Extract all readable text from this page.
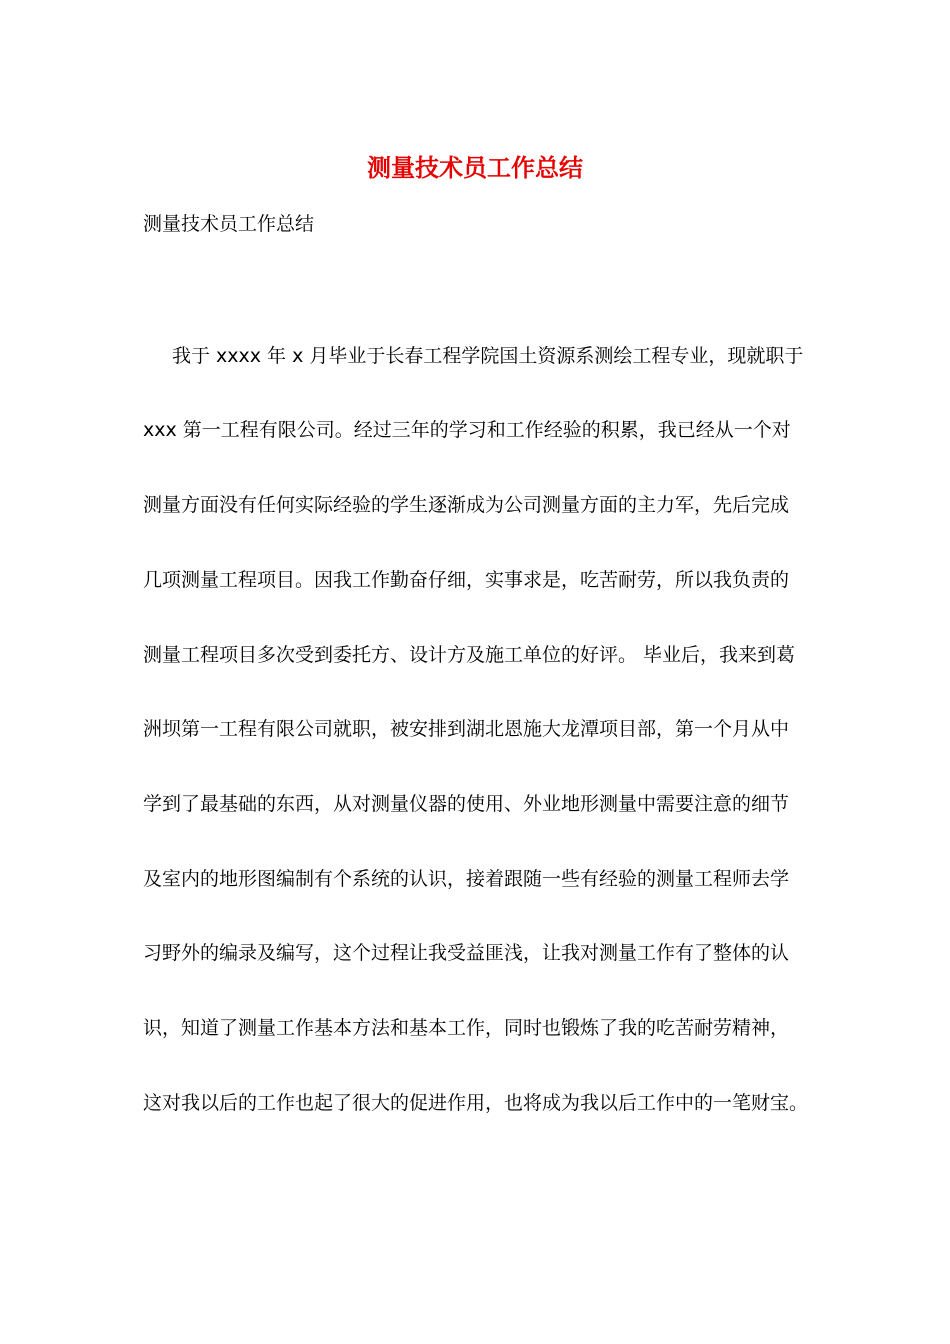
测量技术员工作总结
测量技术员工作总结
我于 xxxx 年 x 月毕业于长春工程学院国土资源系测绘工程专业，现就职于
xxx 第一工程有限公司。经过三年的学习和工作经验的积累，我已经从一个对
测量方面没有任何实际经验的学生逐渐成为公司测量方面的主力军，先后完成
几项测量工程项目。因我工作勤奋仔细，实事求是，吃苦耐劳，所以我负责的
测量工程项目多次受到委托方、设计方及施工单位的好评。 毕业后，我来到葛
洲坝第一工程有限公司就职，被安排到湖北恩施大龙潭项目部，第一个月从中
学到了最基础的东西，从对测量仪器的使用、外业地形测量中需要注意的细节
及室内的地形图编制有个系统的认识，接着跟随一些有经验的测量工程师去学
习野外的编录及编写，这个过程让我受益匪浅，让我对测量工作有了整体的认
识，知道了测量工作基本方法和基本工作，同时也锻炼了我的吃苦耐劳精神，
这对我以后的工作也起了很大的促进作用，也将成为我以后工作中的一笔财宝。
